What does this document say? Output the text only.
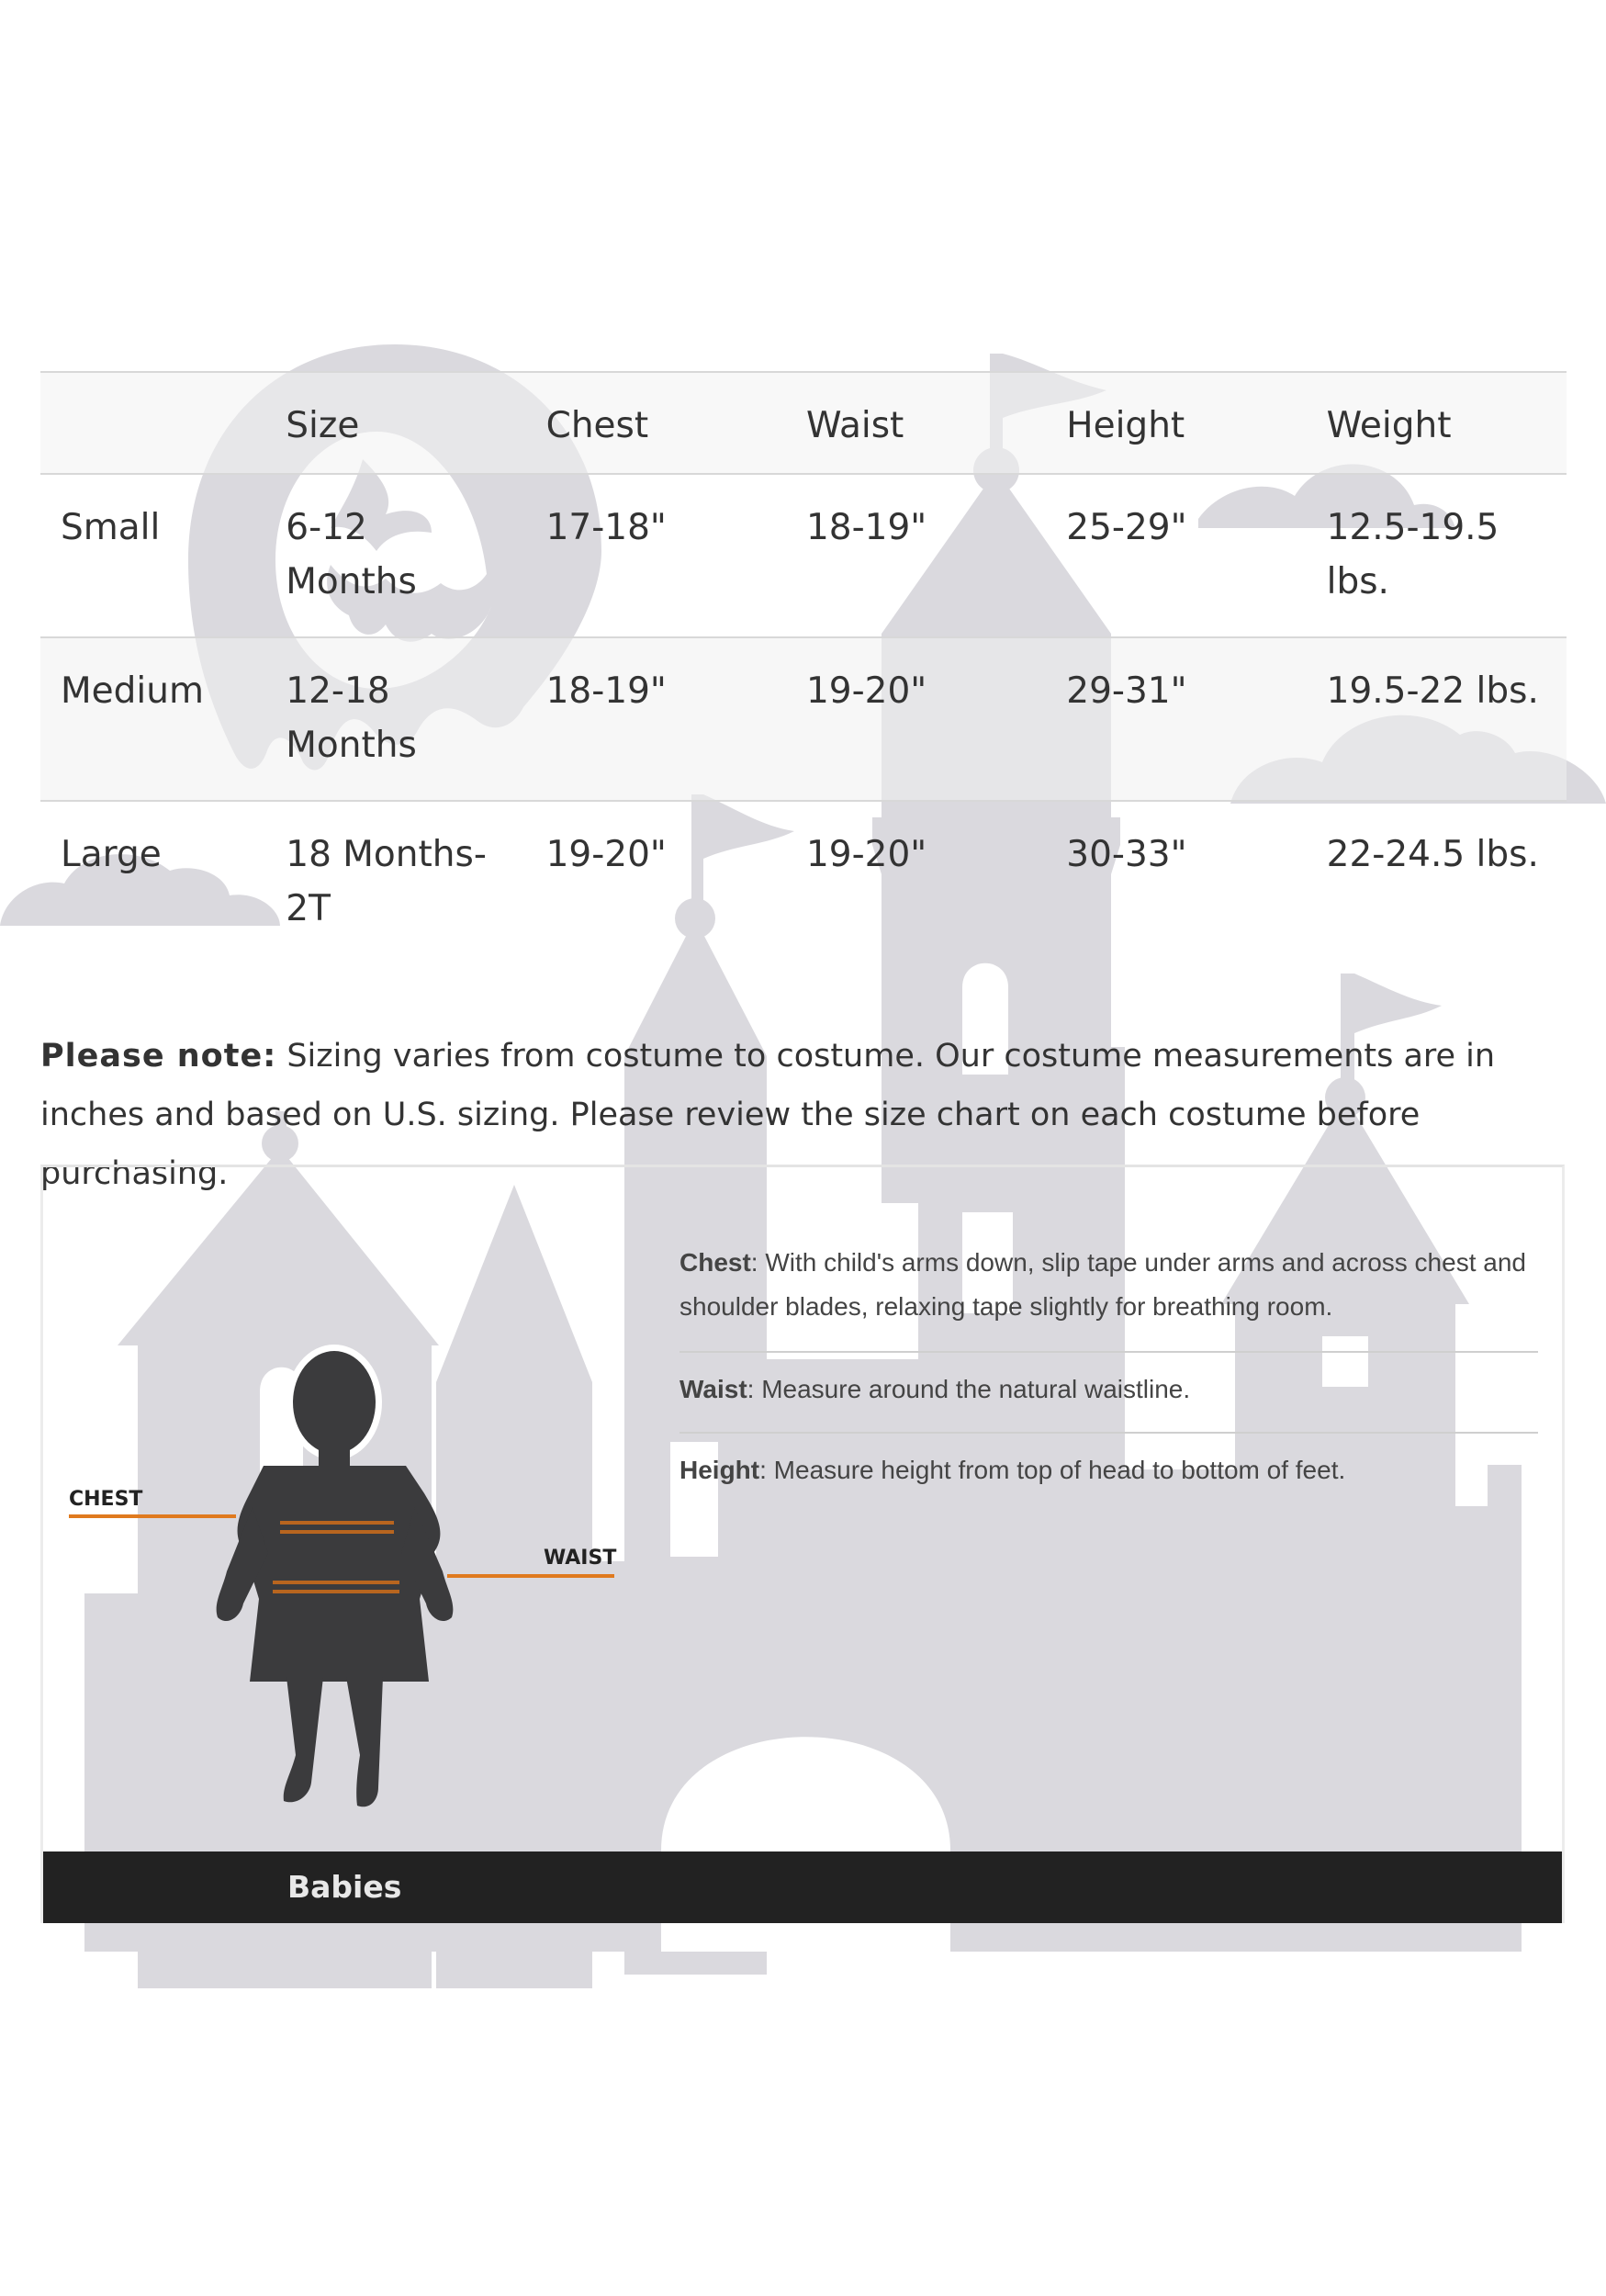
	Size	Chest	Waist	Height	Weight
Small	6-12 Months	17-18"	18-19"	25-29"	12.5-19.5 lbs.
Medium	12-18 Months	18-19"	19-20"	29-31"	19.5-22 lbs.
Large	18 Months-2T	19-20"	19-20"	30-33"	22-24.5 lbs.

Please note: Sizing varies from costume to costume. Our costume measurements are in inches and based on U.S. sizing. Please review the size chart on each costume before purchasing.

CHEST
WAIST

Chest: With child's arms down, slip tape under arms and across chest and shoulder blades, relaxing tape slightly for breathing room.

Waist: Measure around the natural waistline.

Height: Measure height from top of head to bottom of feet.

Babies
